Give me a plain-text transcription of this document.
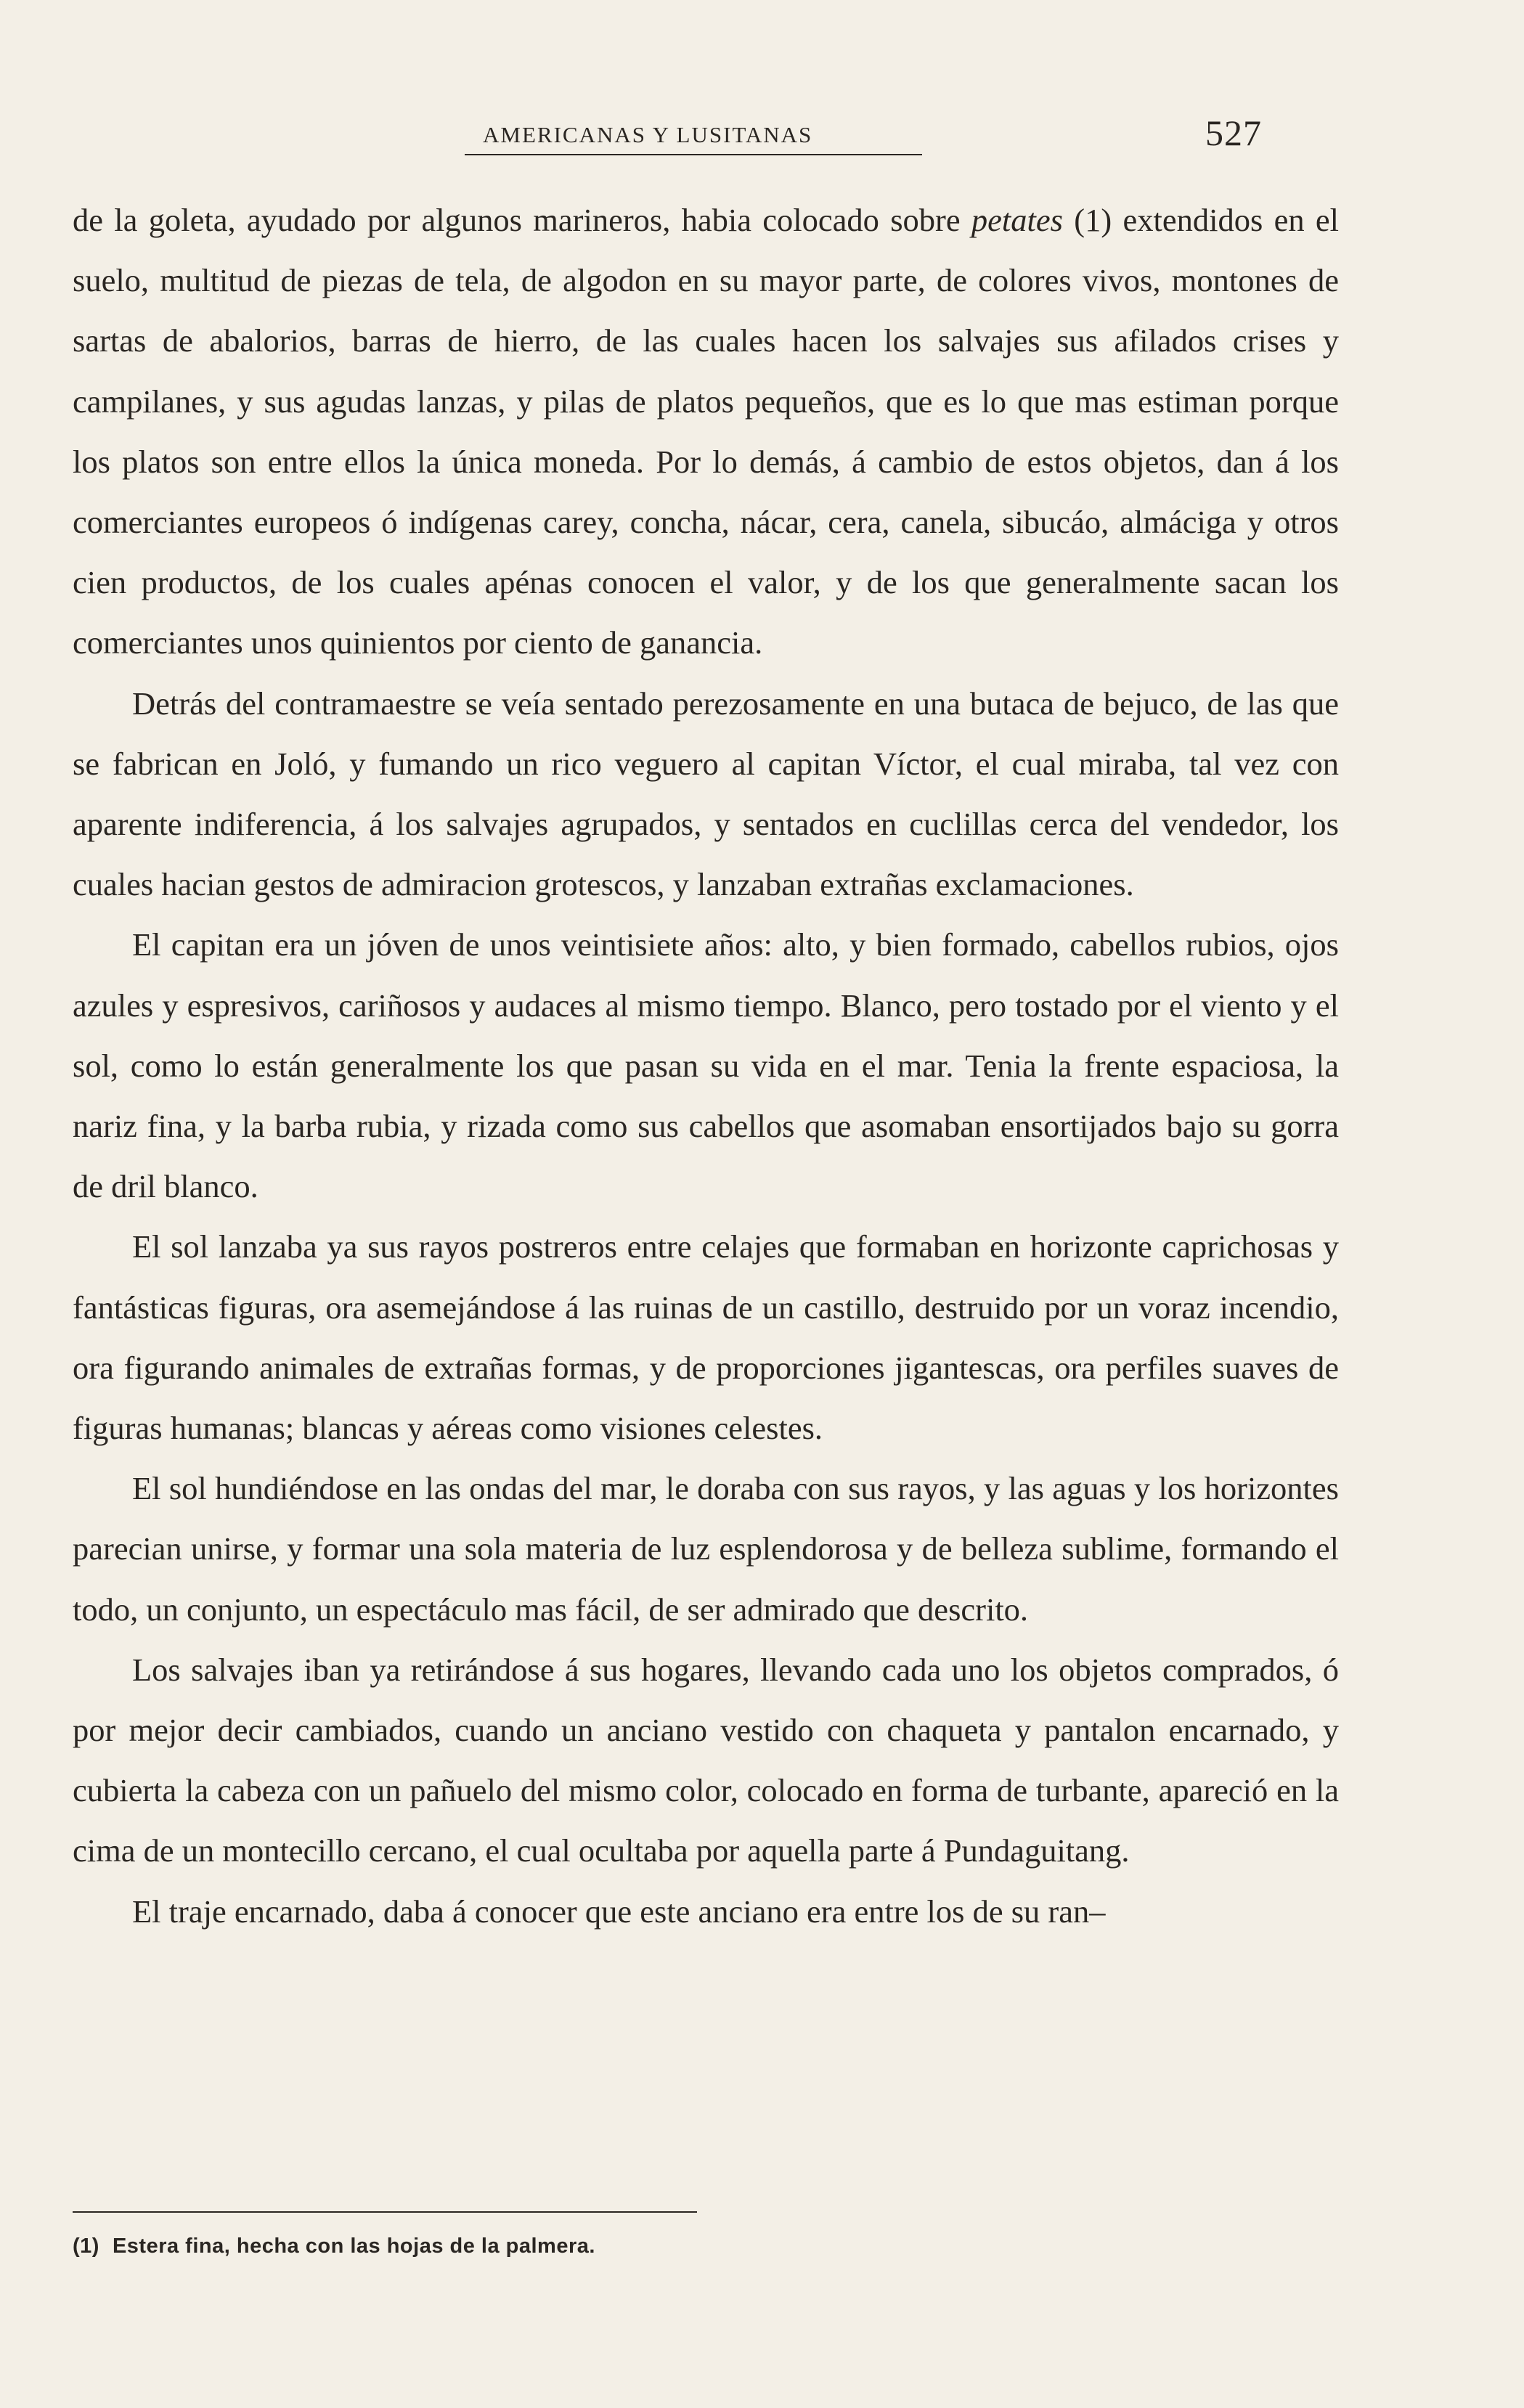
AMERICANAS Y LUSITANAS	527

de la goleta, ayudado por algunos marineros, habia colocado sobre petates (1) extendidos en el suelo, multitud de piezas de tela, de algodon en su mayor parte, de colores vivos, montones de sartas de abalorios, barras de hierro, de las cuales hacen los salvajes sus afilados crises y campilanes, y sus agudas lanzas, y pilas de platos pequeños, que es lo que mas estiman porque los platos son entre ellos la única moneda. Por lo demás, á cambio de estos objetos, dan á los comerciantes europeos ó indígenas carey, concha, nácar, cera, canela, sibucáo, almáciga y otros cien productos, de los cuales apénas conocen el valor, y de los que generalmente sacan los comerciantes unos quinientos por ciento de ganancia.

Detrás del contramaestre se veía sentado perezosamente en una butaca de bejuco, de las que se fabrican en Joló, y fumando un rico veguero al capitan Víctor, el cual miraba, tal vez con aparente indiferencia, á los salvajes agrupados, y sentados en cuclillas cerca del vendedor, los cuales hacian gestos de admiracion grotescos, y lanzaban extrañas exclamaciones.

El capitan era un jóven de unos veintisiete años: alto, y bien formado, cabellos rubios, ojos azules y espresivos, cariñosos y audaces al mismo tiempo. Blanco, pero tostado por el viento y el sol, como lo están generalmente los que pasan su vida en el mar. Tenia la frente espaciosa, la nariz fina, y la barba rubia, y rizada como sus cabellos que asomaban ensortijados bajo su gorra de dril blanco.

El sol lanzaba ya sus rayos postreros entre celajes que formaban en horizonte caprichosas y fantásticas figuras, ora asemejándose á las ruinas de un castillo, destruido por un voraz incendio, ora figurando animales de extrañas formas, y de proporciones jigantescas, ora perfiles suaves de figuras humanas; blancas y aéreas como visiones celestes.

El sol hundiéndose en las ondas del mar, le doraba con sus rayos, y las aguas y los horizontes parecian unirse, y formar una sola materia de luz esplendorosa y de belleza sublime, formando el todo, un conjunto, un espectáculo mas fácil, de ser admirado que descrito.

Los salvajes iban ya retirándose á sus hogares, llevando cada uno los objetos comprados, ó por mejor decir cambiados, cuando un anciano vestido con chaqueta y pantalon encarnado, y cubierta la cabeza con un pañuelo del mismo color, colocado en forma de turbante, apareció en la cima de un montecillo cercano, el cual ocultaba por aquella parte á Pundaguitang.

El traje encarnado, daba á conocer que este anciano era entre los de su ran–

(1) Estera fina, hecha con las hojas de la palmera.
